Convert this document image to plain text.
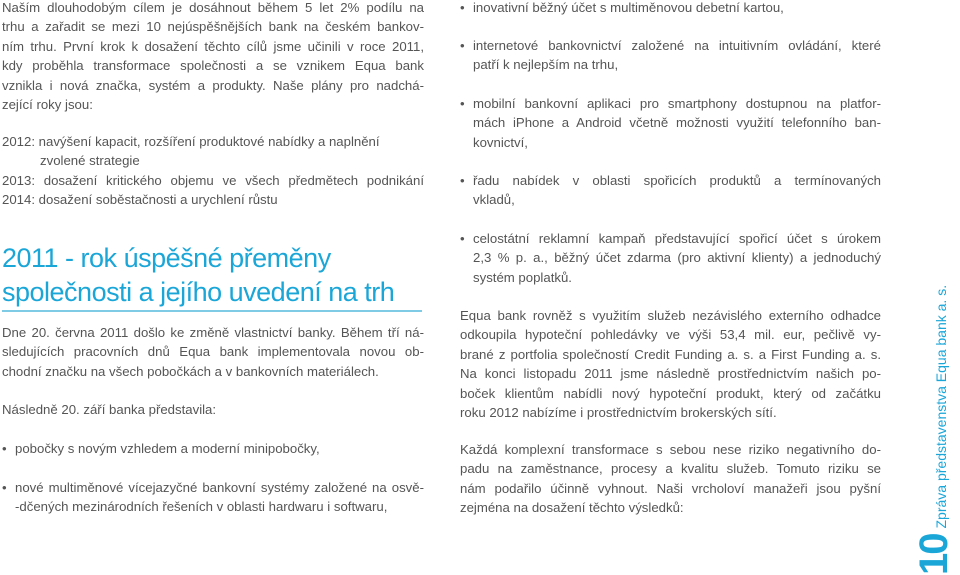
Naším dlouhodobým cílem je dosáhnout během 5 let 2% podílu na
trhu a zařadit se mezi 10 nejúspěšnějších bank na českém bankov-
ním trhu. První krok k dosažení těchto cílů jsme učinili v roce 2011,
kdy proběhla transformace společnosti a se vznikem Equa bank
vznikla i nová značka, systém a produkty. Naše plány pro nadchá-
zející roky jsou:
2012: navýšení kapacit, rozšíření produktové nabídky a naplnění
zvolené strategie
2013: dosažení kritického objemu ve všech předmětech podnikání
2014: dosažení soběstačnosti a urychlení růstu
2011 - rok úspěšné přeměny
společnosti a jejího uvedení na trh
Dne 20. června 2011 došlo ke změně vlastnictví banky. Během tří ná-
sledujících pracovních dnů Equa bank implementovala novou ob-
chodní značku na všech pobočkách a v bankovních materiálech.
Následně 20. září banka představila:
• pobočky s novým vzhledem a moderní minipobočky,
• nové multiměnové vícejazyčné bankovní systémy založené na osvě-
-dčených mezinárodních řešeních v oblasti hardwaru i softwaru,
• inovativní běžný účet s multiměnovou debetní kartou,
• internetové bankovnictví založené na intuitivním ovládání, které
patří k nejlepším na trhu,
• mobilní bankovní aplikaci pro smartphony dostupnou na platfor-
mách iPhone a Android včetně možnosti využití telefonního ban-
kovnictví,
• řadu nabídek v oblasti spořicích produktů a termínovaných
vkladů,
• celostátní reklamní kampaň představující spořicí účet s úrokem
2,3 % p. a., běžný účet zdarma (pro aktivní klienty) a jednoduchý
systém poplatků.
Equa bank rovněž s využitím služeb nezávislého externího odhadce
odkoupila hypoteční pohledávky ve výši 53,4 mil. eur, pečlivě vy-
brané z portfolia společností Credit Funding a. s. a First Funding a. s.
Na konci listopadu 2011 jsme následně prostřednictvím našich po-
boček klientům nabídli nový hypoteční produkt, který od začátku
roku 2012 nabízíme i prostřednictvím brokerských sítí.
Každá komplexní transformace s sebou nese riziko negativního do-
padu na zaměstnance, procesy a kvalitu služeb. Tomuto riziku se
nám podařilo účinně vyhnout. Naši vrcholoví manažeři jsou pyšní
zejména na dosažení těchto výsledků:
10
Zpráva představenstva Equa bank a. s.
